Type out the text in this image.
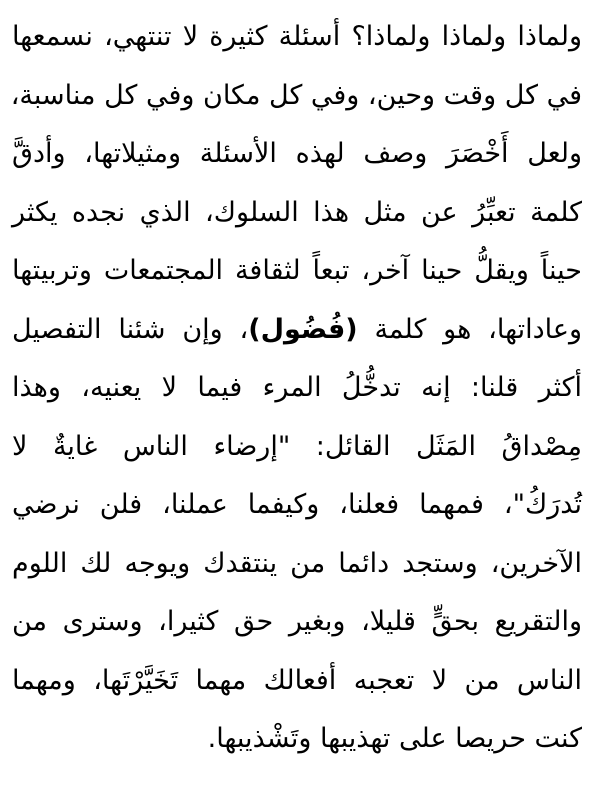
ولماذا ولماذا ولماذا؟ أسئلة كثيرة لا تنتهي، نسمعها
في كل وقت وحين، وفي كل مكان وفي كل مناسبة،
ولعل أَخْصَرَ وصف لهذه الأسئلة ومثيلاتها، وأدقَّ
كلمة تعبِّرُ عن مثل هذا السلوك، الذي نجده يكثر
حيناً ويقلُّ حينا آخر، تبعاً لثقافة المجتمعات وتربيتها
وعاداتها، هو كلمة (فُضُول)، وإن شئنا التفصيل
أكثر قلنا: إنه تدخُّلُ المرء فيما لا يعنيه، وهذا
مِصْداقُ المَثَل القائل: "إرضاء الناس غايةٌ لا
تُدرَكُ"، فمهما فعلنا، وكيفما عملنا، فلن نرضي
الآخرين، وستجد دائما من ينتقدك ويوجه لك اللوم
والتقريع بحقٍّ قليلا، وبغير حق كثيرا، وسترى من
الناس من لا تعجبه أفعالك مهما تَخَيَّرْتَها، ومهما
كنت حريصا على تهذيبها وتَشْذيبها.
